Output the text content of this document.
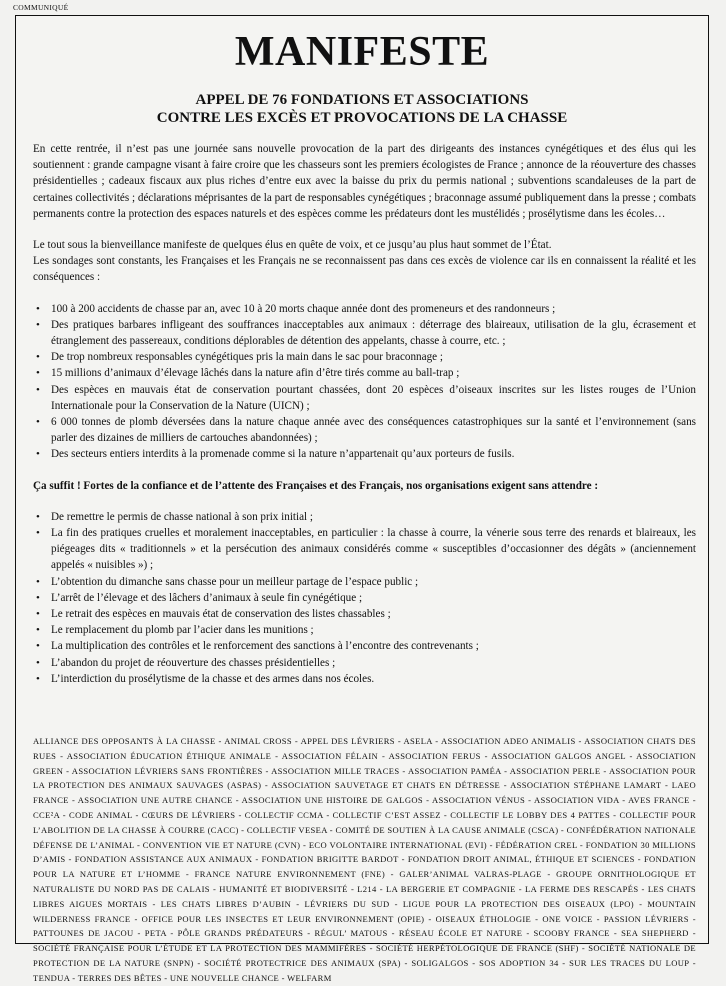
COMMUNIQUÉ
MANIFESTE
APPEL DE 76 FONDATIONS ET ASSOCIATIONS
CONTRE LES EXCÈS ET PROVOCATIONS DE LA CHASSE

En cette rentrée, il n’est pas une journée sans nouvelle provocation de la part des dirigeants des instances cynégétiques et des élus qui les soutiennent : grande campagne visant à faire croire que les chasseurs sont les premiers écologistes de France ; annonce de la réouverture des chasses présidentielles ; cadeaux fiscaux aux plus riches d’entre eux avec la baisse du prix du permis national ; subventions scandaleuses de la part de certaines collectivités ; déclarations méprisantes de la part de responsables cynégétiques ; braconnage assumé publiquement dans la presse ; combats permanents contre la protection des espaces naturels et des espèces comme les prédateurs dont les mustélidés ; prosélytisme dans les écoles…

Le tout sous la bienveillance manifeste de quelques élus en quête de voix, et ce jusqu’au plus haut sommet de l’État.

Les sondages sont constants, les Françaises et les Français ne se reconnaissent pas dans ces excès de violence car ils en connaissent la réalité et les conséquences :

• 100 à 200 accidents de chasse par an, avec 10 à 20 morts chaque année dont des promeneurs et des randonneurs ;
• Des pratiques barbares infligeant des souffrances inacceptables aux animaux : déterrage des blaireaux, utilisation de la glu, écrasement et étranglement des passereaux, conditions déplorables de détention des appelants, chasse à courre, etc. ;
• De trop nombreux responsables cynégétiques pris la main dans le sac pour braconnage ;
• 15 millions d’animaux d’élevage lâchés dans la nature afin d’être tirés comme au ball-trap ;
• Des espèces en mauvais état de conservation pourtant chassées, dont 20 espèces d’oiseaux inscrites sur les listes rouges de l’Union Internationale pour la Conservation de la Nature (UICN) ;
• 6 000 tonnes de plomb déversées dans la nature chaque année avec des conséquences catastrophiques sur la santé et l’environnement (sans parler des dizaines de milliers de cartouches abandonnées) ;
• Des secteurs entiers interdits à la promenade comme si la nature n’appartenait qu’aux porteurs de fusils.

Ça suffit ! Fortes de la confiance et de l’attente des Françaises et des Français, nos organisations exigent sans attendre :

• De remettre le permis de chasse national à son prix initial ;
• La fin des pratiques cruelles et moralement inacceptables, en particulier : la chasse à courre, la vénerie sous terre des renards et blaireaux, les piégeages dits « traditionnels » et la persécution des animaux considérés comme « susceptibles d’occasionner des dégâts » (anciennement appelés « nuisibles ») ;
• L’obtention du dimanche sans chasse pour un meilleur partage de l’espace public ;
• L’arrêt de l’élevage et des lâchers d’animaux à seule fin cynégétique ;
• Le retrait des espèces en mauvais état de conservation des listes chassables ;
• Le remplacement du plomb par l’acier dans les munitions ;
• La multiplication des contrôles et le renforcement des sanctions à l’encontre des contrevenants ;
• L’abandon du projet de réouverture des chasses présidentielles ;
• L’interdiction du prosélytisme de la chasse et des armes dans nos écoles.
ALLIANCE DES OPPOSANTS À LA CHASSE - ANIMAL CROSS - APPEL DES LÉVRIERS - ASELA - ASSOCIATION ADEO ANIMALIS - ASSOCIATION CHATS DES RUES - ASSOCIATION ÉDUCATION ÉTHIQUE ANIMALE - ASSOCIATION FÉLAIN - ASSOCIATION FERUS - ASSOCIATION GALGOS ANGEL - ASSOCIATION GREEN - ASSOCIATION LÉVRIERS SANS FRONTIÈRES - ASSOCIATION MILLE TRACES - ASSOCIATION PAMÉA - ASSOCIATION PERLE - ASSOCIATION POUR LA PROTECTION DES ANIMAUX SAUVAGES (ASPAS) - ASSOCIATION SAUVETAGE ET CHATS EN DÉTRESSE - ASSOCIATION STÉPHANE LAMART - LAEO FRANCE - ASSOCIATION UNE AUTRE CHANCE - ASSOCIATION UNE HISTOIRE DE GALGOS - ASSOCIATION VÉNUS - ASSOCIATION VIDA - AVES FRANCE - CCE²A - CODE ANIMAL - CŒURS DE LÉVRIERS - COLLECTIF CCMA - COLLECTIF C’EST ASSEZ - COLLECTIF LE LOBBY DES 4 PATTES - COLLECTIF POUR L’ABOLITION DE LA CHASSE À COURRE (CACC) - COLLECTIF VESEA - COMITÉ DE SOUTIEN À LA CAUSE ANIMALE (CSCA) - CONFÉDÉRATION NATIONALE DÉFENSE DE L’ANIMAL - CONVENTION VIE ET NATURE (CVN) - ECO VOLONTAIRE INTERNATIONAL (EVI) - FÉDÉRATION CREL - FONDATION 30 MILLIONS D’AMIS - FONDATION ASSISTANCE AUX ANIMAUX - FONDATION BRIGITTE BARDOT - FONDATION DROIT ANIMAL, ÉTHIQUE ET SCIENCES - FONDATION POUR LA NATURE ET L’HOMME - FRANCE NATURE ENVIRONNEMENT (FNE) - GALER’ANIMAL VALRAS-PLAGE - GROUPE ORNITHOLOGIQUE ET NATURALISTE DU NORD PAS DE CALAIS - HUMANITÉ ET BIODIVERSITÉ - L214 - LA BERGERIE ET COMPAGNIE - LA FERME DES RESCAPÉS - LES CHATS LIBRES AIGUES MORTAIS - LES CHATS LIBRES D’AUBIN - LÉVRIERS DU SUD - LIGUE POUR LA PROTECTION DES OISEAUX (LPO) - MOUNTAIN WILDERNESS FRANCE - OFFICE POUR LES INSECTES ET LEUR ENVIRONNEMENT (OPIE) - OISEAUX ÉTHOLOGIE - ONE VOICE - PASSION LÉVRIERS - PATTOUNES DE JACOU - PETA - PÔLE GRANDS PRÉDATEURS - RÉGUL’ MATOUS - RÉSEAU ÉCOLE ET NATURE - SCOOBY FRANCE - SEA SHEPHERD - SOCIÉTÉ FRANÇAISE POUR L’ÉTUDE ET LA PROTECTION DES MAMMIFÈRES - SOCIÉTÉ HERPÉTOLOGIQUE DE FRANCE (SHF) - SOCIÉTÉ NATIONALE DE PROTECTION DE LA NATURE (SNPN) - SOCIÉTÉ PROTECTRICE DES ANIMAUX (SPA) - SOLIGALGOS - SOS ADOPTION 34 - SUR LES TRACES DU LOUP - TENDUA - TERRES DES BÊTES - UNE NOUVELLE CHANCE - WELFARM
